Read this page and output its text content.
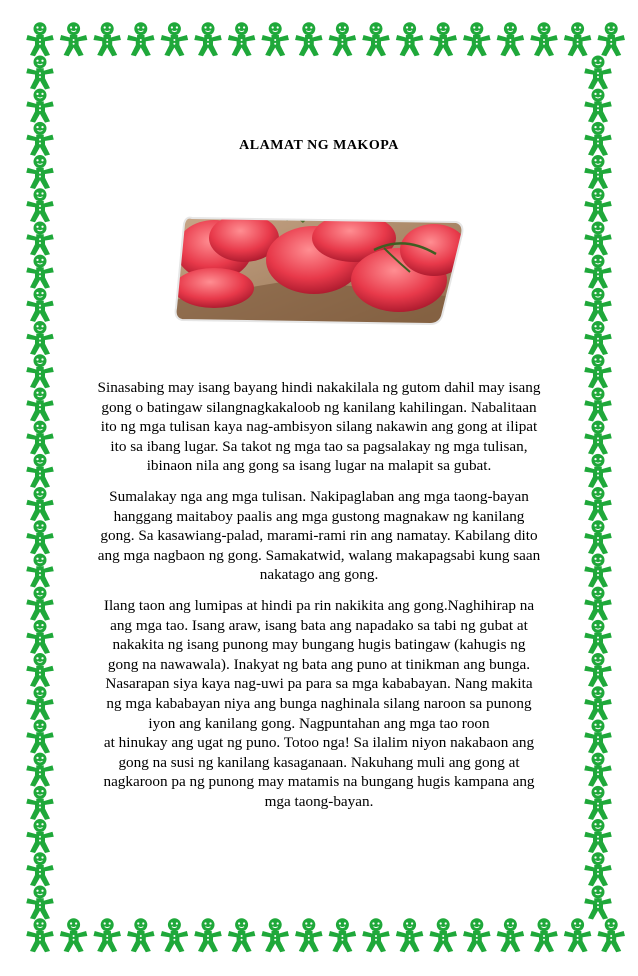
ALAMAT NG MAKOPA

Sinasabing may isang bayang hindi nakakilala ng gutom dahil may isang
gong o batingaw silangnagkakaloob ng kanilang kahilingan. Nabalitaan
ito ng mga tulisan kaya nag-ambisyon silang nakawin ang gong at ilipat
ito sa ibang lugar. Sa takot ng mga tao sa pagsalakay ng mga tulisan,
ibinaon nila ang gong sa isang lugar na malapit sa gubat.

Sumalakay nga ang mga tulisan. Nakipaglaban ang mga taong-bayan
hanggang maitaboy paalis ang mga gustong magnakaw ng kanilang
gong. Sa kasawiang-palad, marami-rami rin ang namatay. Kabilang dito
ang mga nagbaon ng gong. Samakatwid, walang makapagsabi kung saan
nakatago ang gong.

Ilang taon ang lumipas at hindi pa rin nakikita ang gong.Naghihirap na
ang mga tao. Isang araw, isang bata ang napadako sa tabi ng gubat at
nakakita ng isang punong may bungang hugis batingaw (kahugis ng
gong na nawawala). Inakyat ng bata ang puno at tinikman ang bunga.
Nasarapan siya kaya nag-uwi pa para sa mga kababayan. Nang makita
ng mga kababayan niya ang bunga naghinala silang naroon sa punong
iyon ang kanilang gong. Nagpuntahan ang mga tao roon
at hinukay ang ugat ng puno. Totoo nga! Sa ilalim niyon nakabaon ang
gong na susi ng kanilang kasaganaan. Nakuhang muli ang gong at
nagkaroon pa ng punong may matamis na bungang hugis kampana ang
mga taong-bayan.
